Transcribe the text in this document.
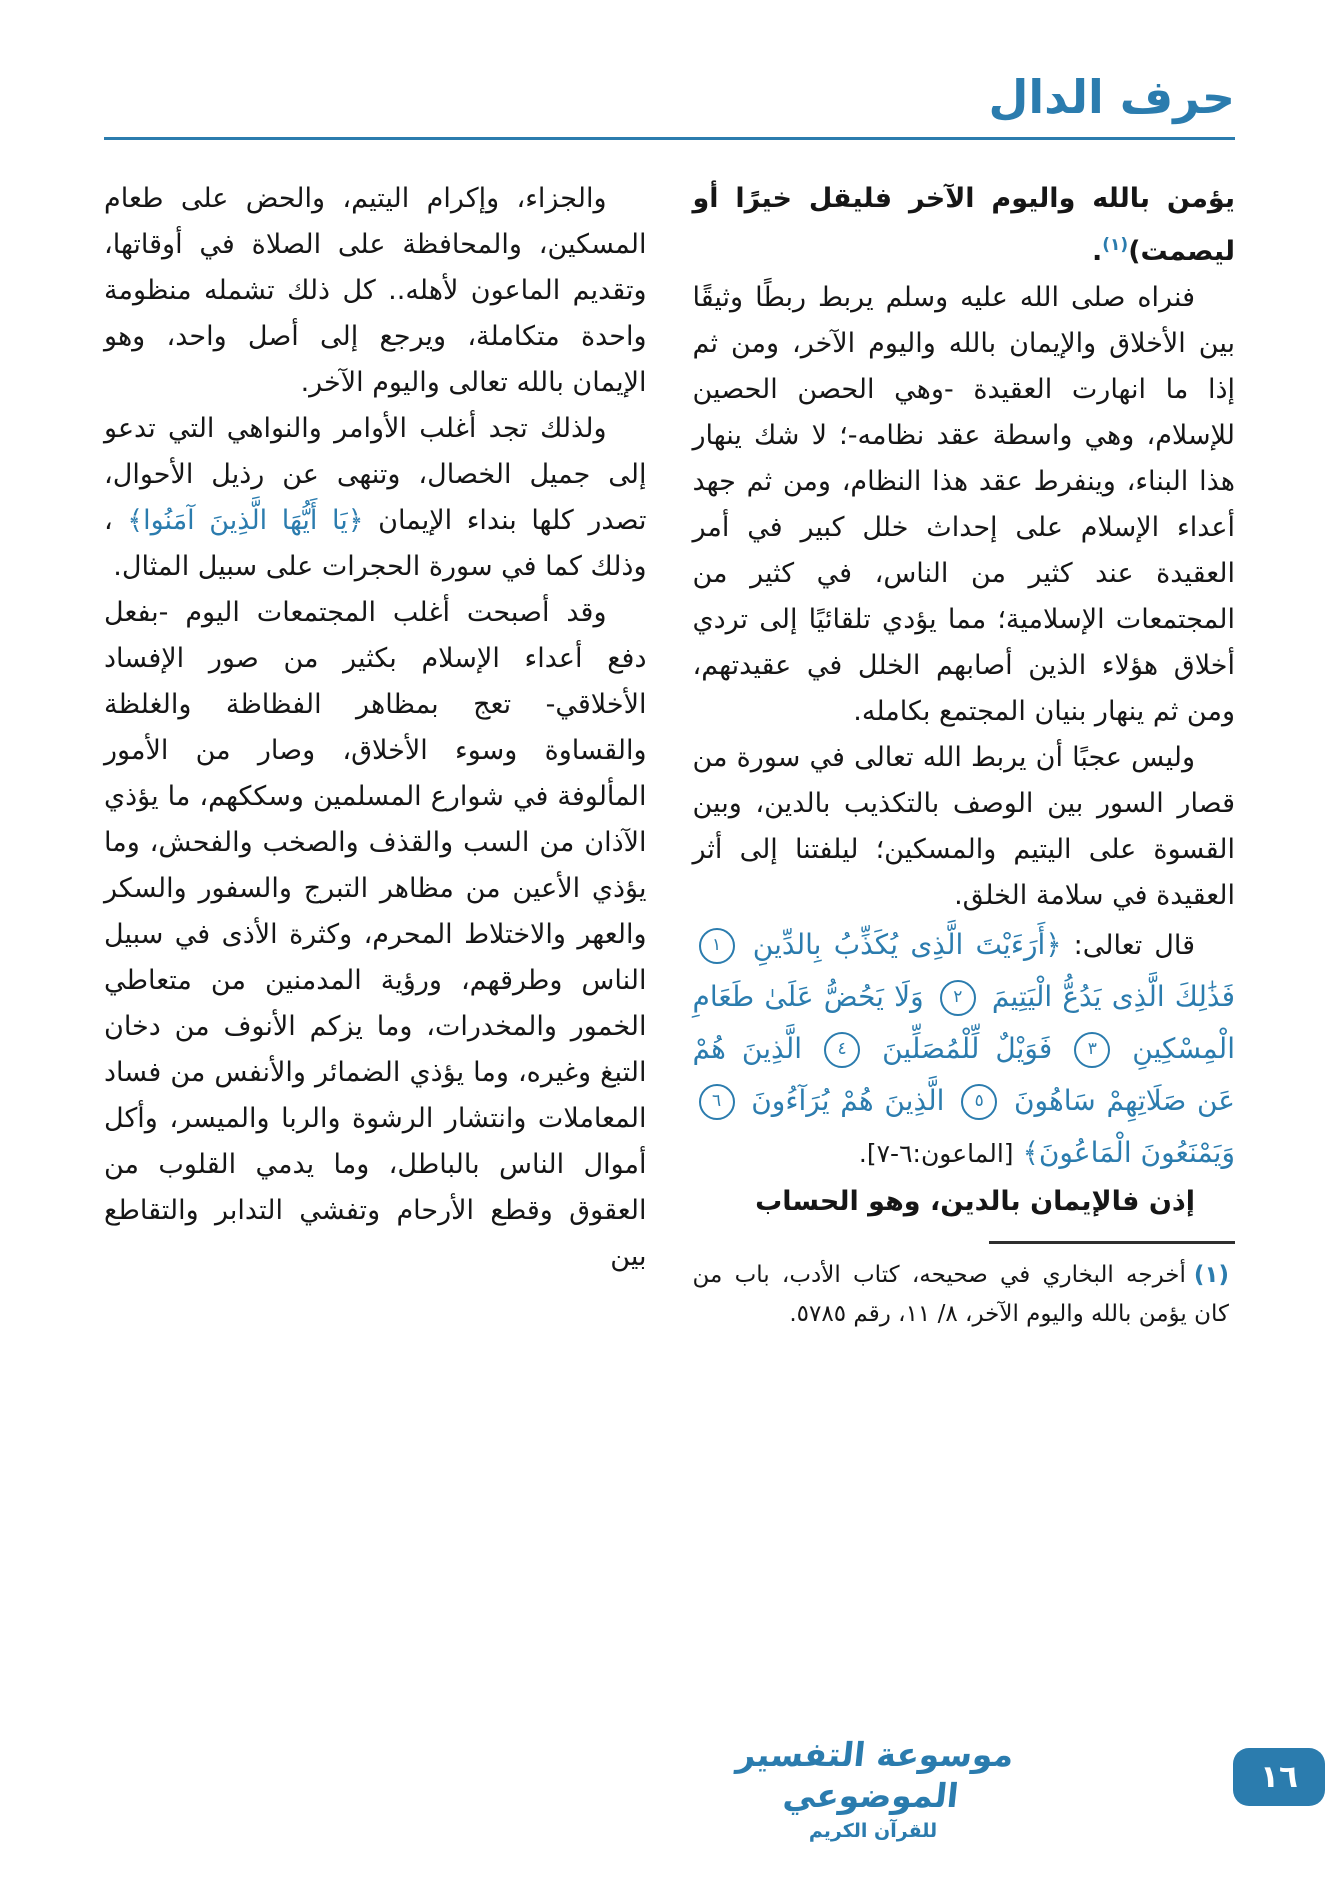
حرف الدال

يؤمن بالله واليوم الآخر فليقل خيرًا أو ليصمت)$^{(١)}$.

فنراه صلى الله عليه وسلم يربط ربطًا وثيقًا بين الأخلاق والإيمان بالله واليوم الآخر، ومن ثم إذا ما انهارت العقيدة -وهي الحصن الحصين للإسلام، وهي واسطة عقد نظامه-؛ لا شك ينهار هذا البناء، وينفرط عقد هذا النظام، ومن ثم جهد أعداء الإسلام على إحداث خلل كبير في أمر العقيدة عند كثير من الناس، في كثير من المجتمعات الإسلامية؛ مما يؤدي تلقائيًا إلى تردي أخلاق هؤلاء الذين أصابهم الخلل في عقيدتهم، ومن ثم ينهار بنيان المجتمع بكامله.

وليس عجبًا أن يربط الله تعالى في سورة من قصار السور بين الوصف بالتكذيب بالدين، وبين القسوة على اليتيم والمسكين؛ ليلفتنا إلى أثر العقيدة في سلامة الخلق.

قال تعالى: ﴿أَرَءَيْتَ الَّذِى يُكَذِّبُ بِالدِّينِ ١ فَذَٰلِكَ الَّذِى يَدُعُّ الْيَتِيمَ ٢ وَلَا يَحُضُّ عَلَىٰ طَعَامِ الْمِسْكِينِ ٣ فَوَيْلٌ لِّلْمُصَلِّينَ ٤ الَّذِينَ هُمْ عَن صَلَاتِهِمْ سَاهُونَ ٥ الَّذِينَ هُمْ يُرَآءُونَ ٦ وَيَمْنَعُونَ الْمَاعُونَ﴾ [الماعون:٦-٧].

إذن فالإيمان بالدين، وهو الحساب

(١)أخرجه البخاري في صحيحه، كتاب الأدب، باب من كان يؤمن بالله واليوم الآخر، ٨/ ١١، رقم ٥٧٨٥.

والجزاء، وإكرام اليتيم، والحض على طعام المسكين، والمحافظة على الصلاة في أوقاتها، وتقديم الماعون لأهله.. كل ذلك تشمله منظومة واحدة متكاملة، ويرجع إلى أصل واحد، وهو الإيمان بالله تعالى واليوم الآخر.

ولذلك تجد أغلب الأوامر والنواهي التي تدعو إلى جميل الخصال، وتنهى عن رذيل الأحوال، تصدر كلها بنداء الإيمان ﴿يَا أَيُّهَا الَّذِينَ آمَنُوا﴾ ، وذلك كما في سورة الحجرات على سبيل المثال.

وقد أصبحت أغلب المجتمعات اليوم -بفعل دفع أعداء الإسلام بكثير من صور الإفساد الأخلاقي- تعج بمظاهر الفظاظة والغلظة والقساوة وسوء الأخلاق، وصار من الأمور المألوفة في شوارع المسلمين وسككهم، ما يؤذي الآذان من السب والقذف والصخب والفحش، وما يؤذي الأعين من مظاهر التبرج والسفور والسكر والعهر والاختلاط المحرم، وكثرة الأذى في سبيل الناس وطرقهم، ورؤية المدمنين من متعاطي الخمور والمخدرات، وما يزكم الأنوف من دخان التبغ وغيره، وما يؤذي الضمائر والأنفس من فساد المعاملات وانتشار الرشوة والربا والميسر، وأكل أموال الناس بالباطل، وما يدمي القلوب من العقوق وقطع الأرحام وتفشي التدابر والتقاطع بين

موسوعة التفسير الموضوعي
للقرآن الكريم
١٦
